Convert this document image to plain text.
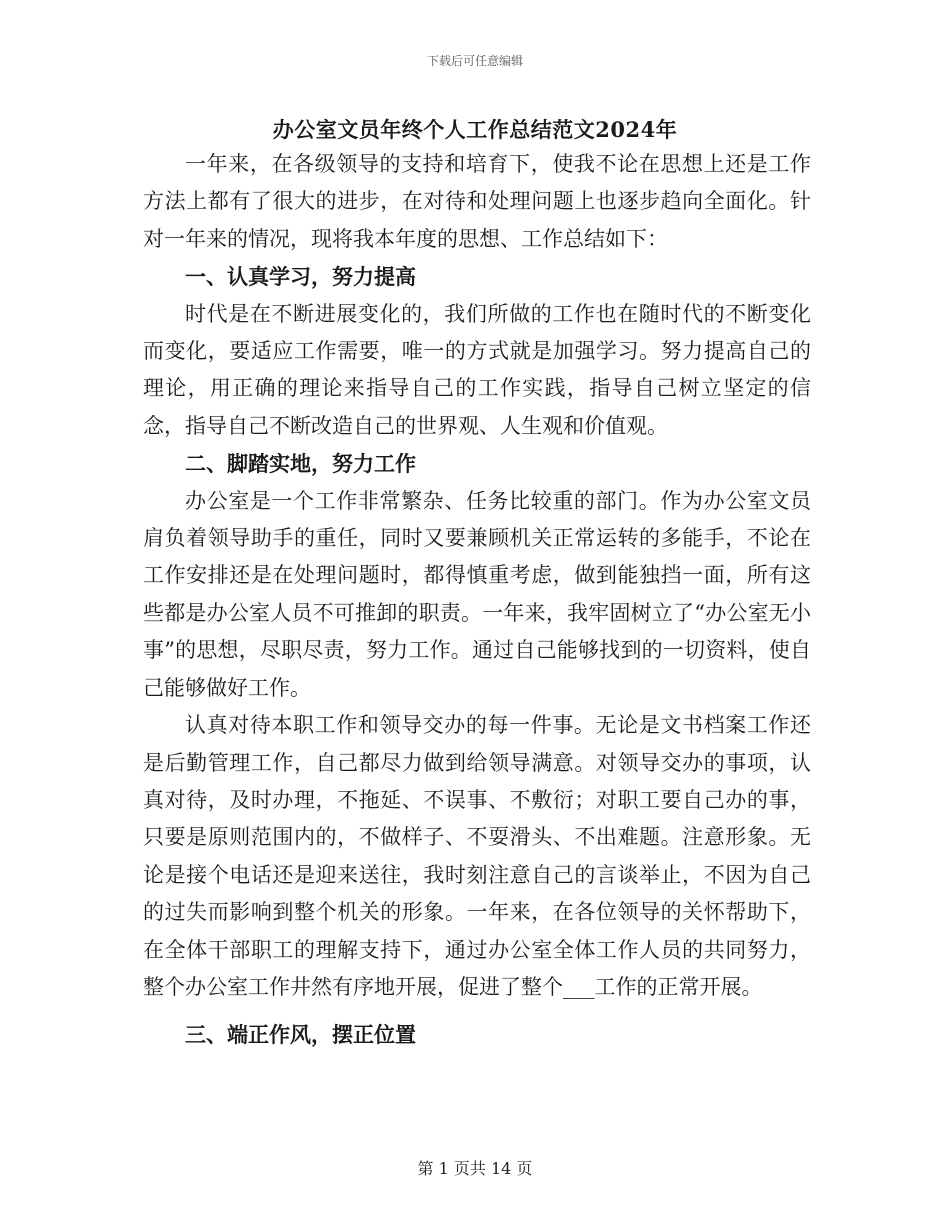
下载后可任意编辑
办公室文员年终个人工作总结范文2024年

一年来，在各级领导的支持和培育下，使我不论在思想上还是工作方法上都有了很大的进步，在对待和处理问题上也逐步趋向全面化。针对一年来的情况，现将我本年度的思想、工作总结如下：

一、认真学习，努力提高

时代是在不断进展变化的，我们所做的工作也在随时代的不断变化而变化，要适应工作需要，唯一的方式就是加强学习。努力提高自己的理论，用正确的理论来指导自己的工作实践，指导自己树立坚定的信念，指导自己不断改造自己的世界观、人生观和价值观。

二、脚踏实地，努力工作

办公室是一个工作非常繁杂、任务比较重的部门。作为办公室文员肩负着领导助手的重任，同时又要兼顾机关正常运转的多能手，不论在工作安排还是在处理问题时，都得慎重考虑，做到能独挡一面，所有这些都是办公室人员不可推卸的职责。一年来，我牢固树立了“办公室无小事”的思想，尽职尽责，努力工作。通过自己能够找到的一切资料，使自己能够做好工作。

认真对待本职工作和领导交办的每一件事。无论是文书档案工作还是后勤管理工作，自己都尽力做到给领导满意。对领导交办的事项，认真对待，及时办理，不拖延、不误事、不敷衍；对职工要自己办的事，只要是原则范围内的，不做样子、不耍滑头、不出难题。注意形象。无论是接个电话还是迎来送往，我时刻注意自己的言谈举止，不因为自己的过失而影响到整个机关的形象。一年来，在各位领导的关怀帮助下，在全体干部职工的理解支持下，通过办公室全体工作人员的共同努力，整个办公室工作井然有序地开展，促进了整个___工作的正常开展。

三、端正作风，摆正位置
第 1 页共 14 页
